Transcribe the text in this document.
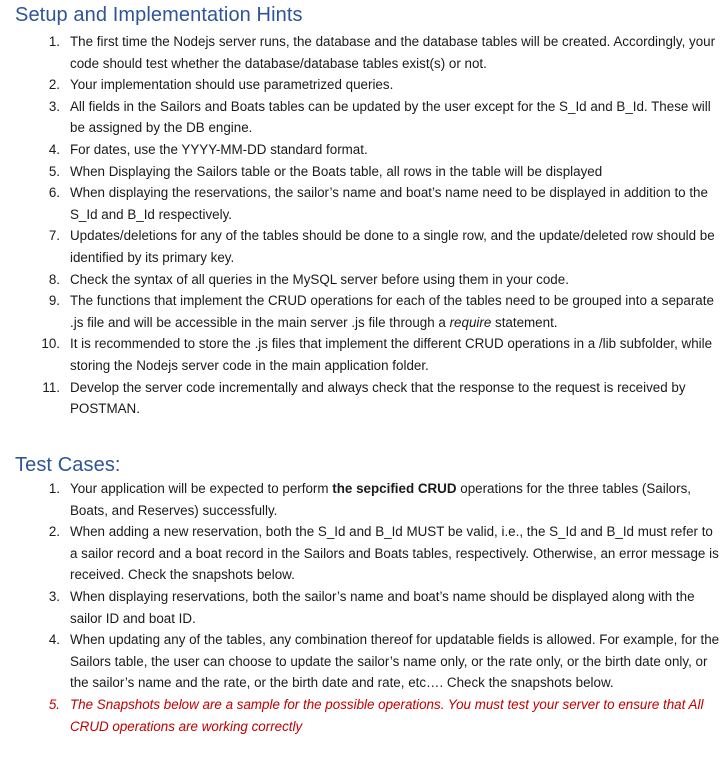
Setup and Implementation Hints
1. The first time the Nodejs server runs, the database and the database tables will be created. Accordingly, your code should test whether the database/database tables exist(s) or not.
2. Your implementation should use parametrized queries.
3. All fields in the Sailors and Boats tables can be updated by the user except for the S_Id and B_Id. These will be assigned by the DB engine.
4. For dates, use the YYYY-MM-DD standard format.
5. When Displaying the Sailors table or the Boats table, all rows in the table will be displayed
6. When displaying the reservations, the sailor’s name and boat’s name need to be displayed in addition to the S_Id and B_Id respectively.
7. Updates/deletions for any of the tables should be done to a single row, and the update/deleted row should be identified by its primary key.
8. Check the syntax of all queries in the MySQL server before using them in your code.
9. The functions that implement the CRUD operations for each of the tables need to be grouped into a separate .js file and will be accessible in the main server .js file through a require statement.
10. It is recommended to store the .js files that implement the different CRUD operations in a /lib subfolder, while storing the Nodejs server code in the main application folder.
11. Develop the server code incrementally and always check that the response to the request is received by POSTMAN.
Test Cases:
1. Your application will be expected to perform the sepcified CRUD operations for the three tables (Sailors, Boats, and Reserves) successfully.
2. When adding a new reservation, both the S_Id and B_Id MUST be valid, i.e., the S_Id and B_Id must refer to a sailor record and a boat record in the Sailors and Boats tables, respectively. Otherwise, an error message is received. Check the snapshots below.
3. When displaying reservations, both the sailor’s name and boat’s name should be displayed along with the sailor ID and boat ID.
4. When updating any of the tables, any combination thereof for updatable fields is allowed. For example, for the Sailors table, the user can choose to update the sailor’s name only, or the rate only, or the birth date only, or the sailor’s name and the rate, or the birth date and rate, etc…. Check the snapshots below.
5. The Snapshots below are a sample for the possible operations. You must test your server to ensure that All CRUD operations are working correctly
